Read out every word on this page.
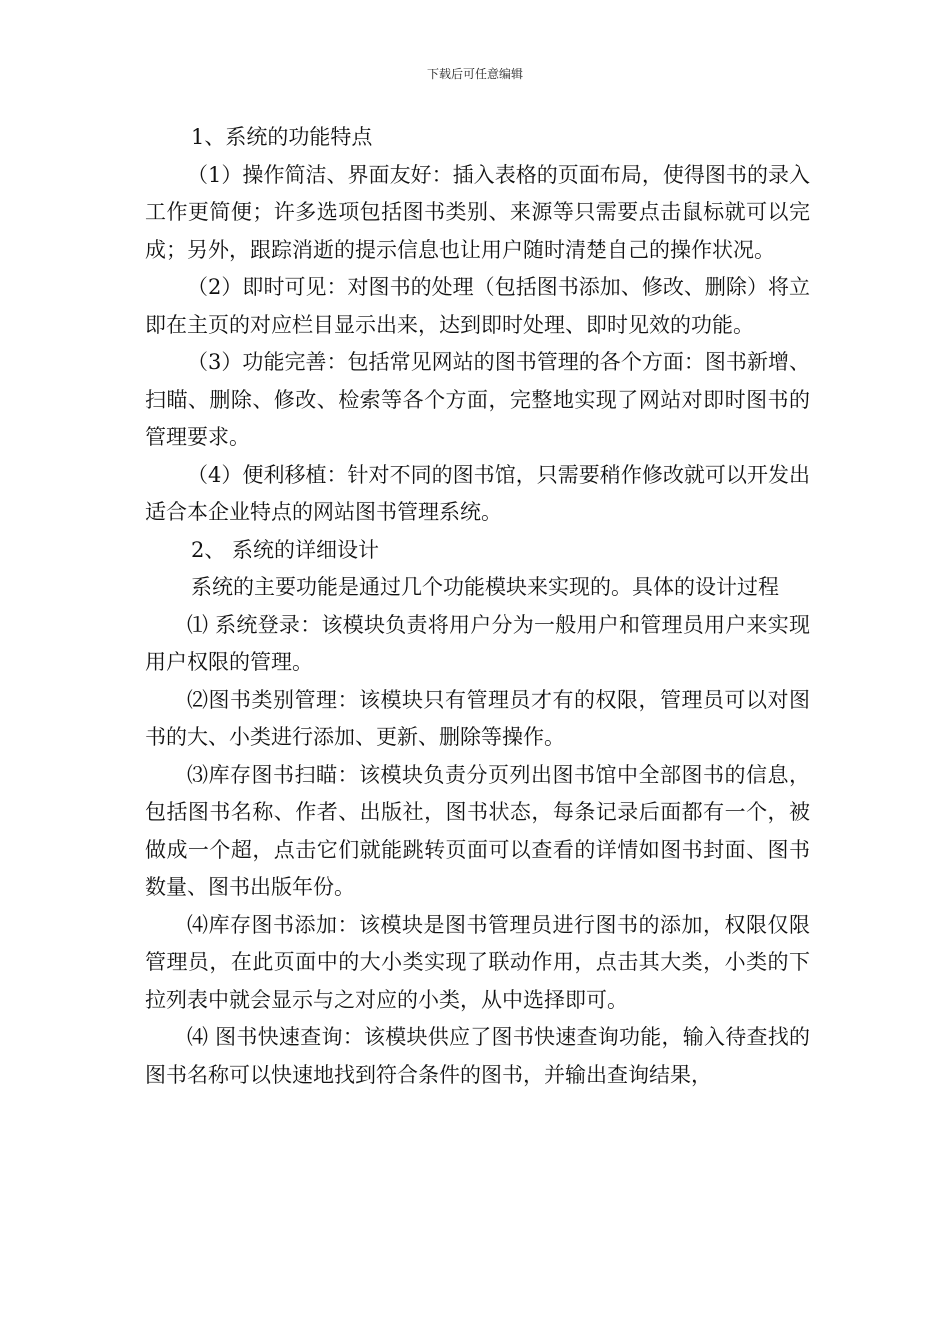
下载后可任意编辑

1、系统的功能特点

（1）操作简洁、界面友好：插入表格的页面布局，使得图书的录入工作更简便；许多选项包括图书类别、来源等只需要点击鼠标就可以完成；另外，跟踪消逝的提示信息也让用户随时清楚自己的操作状况。

（2）即时可见：对图书的处理（包括图书添加、修改、删除）将立即在主页的对应栏目显示出来，达到即时处理、即时见效的功能。

（3）功能完善：包括常见网站的图书管理的各个方面：图书新增、扫瞄、删除、修改、检索等各个方面，完整地实现了网站对即时图书的管理要求。

（4）便利移植：针对不同的图书馆，只需要稍作修改就可以开发出适合本企业特点的网站图书管理系统。

2、 系统的详细设计

系统的主要功能是通过几个功能模块来实现的。具体的设计过程

⑴ 系统登录：该模块负责将用户分为一般用户和管理员用户来实现用户权限的管理。

⑵图书类别管理：该模块只有管理员才有的权限，管理员可以对图书的大、小类进行添加、更新、删除等操作。

⑶库存图书扫瞄：该模块负责分页列出图书馆中全部图书的信息，包括图书名称、作者、出版社，图书状态，每条记录后面都有一个，被做成一个超，点击它们就能跳转页面可以查看的详情如图书封面、图书数量、图书出版年份。

⑷库存图书添加：该模块是图书管理员进行图书的添加，权限仅限管理员，在此页面中的大小类实现了联动作用，点击其大类，小类的下拉列表中就会显示与之对应的小类，从中选择即可。

⑷ 图书快速查询：该模块供应了图书快速查询功能，输入待查找的图书名称可以快速地找到符合条件的图书，并输出查询结果，
